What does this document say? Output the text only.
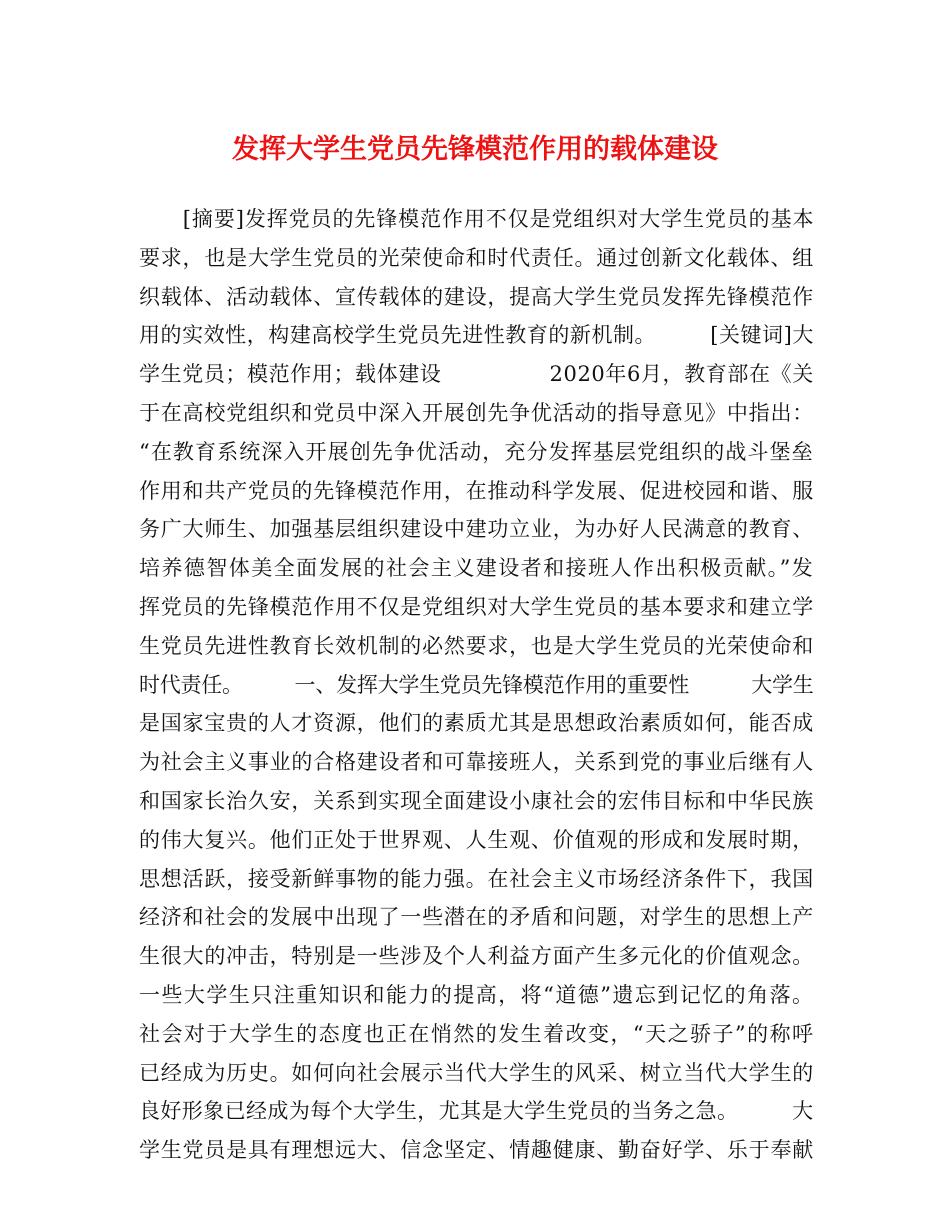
发挥大学生党员先锋模范作用的载体建设
　　[摘要]发挥党员的先锋模范作用不仅是党组织对大学生党员的基本
要求，也是大学生党员的光荣使命和时代责任。通过创新文化载体、组
织载体、活动载体、宣传载体的建设，提高大学生党员发挥先锋模范作
用的实效性，构建高校学生党员先进性教育的新机制。　　　[关键词]大
学生党员；模范作用；载体建设　　　　　2020年6月，教育部在《关
于在高校党组织和党员中深入开展创先争优活动的指导意见》中指出：
“在教育系统深入开展创先争优活动，充分发挥基层党组织的战斗堡垒
作用和共产党员的先锋模范作用，在推动科学发展、促进校园和谐、服
务广大师生、加强基层组织建设中建功立业，为办好人民满意的教育、
培养德智体美全面发展的社会主义建设者和接班人作出积极贡献。”发
挥党员的先锋模范作用不仅是党组织对大学生党员的基本要求和建立学
生党员先进性教育长效机制的必然要求，也是大学生党员的光荣使命和
时代责任。　　　一、发挥大学生党员先锋模范作用的重要性　　　大学生
是国家宝贵的人才资源，他们的素质尤其是思想政治素质如何，能否成
为社会主义事业的合格建设者和可靠接班人，关系到党的事业后继有人
和国家长治久安，关系到实现全面建设小康社会的宏伟目标和中华民族
的伟大复兴。他们正处于世界观、人生观、价值观的形成和发展时期，
思想活跃，接受新鲜事物的能力强。在社会主义市场经济条件下，我国
经济和社会的发展中出现了一些潜在的矛盾和问题，对学生的思想上产
生很大的冲击，特别是一些涉及个人利益方面产生多元化的价值观念。
一些大学生只注重知识和能力的提高，将“道德”遗忘到记忆的角落。
社会对于大学生的态度也正在悄然的发生着改变，“天之骄子”的称呼
已经成为历史。如何向社会展示当代大学生的风采、树立当代大学生的
良好形象已经成为每个大学生，尤其是大学生党员的当务之急。　　　大
学生党员是具有理想远大、信念坚定、情趣健康、勤奋好学、乐于奉献
